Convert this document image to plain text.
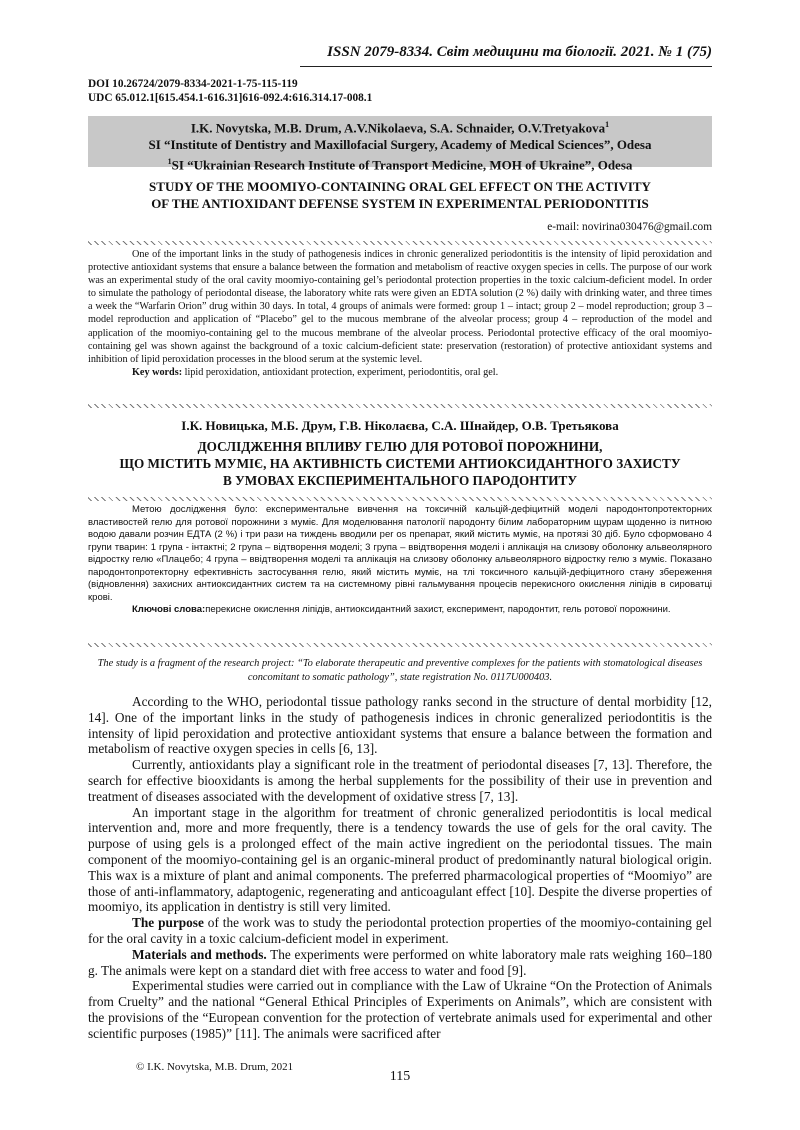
ISSN 2079-8334. Світ медицини та біології. 2021. № 1 (75)
DOI 10.26724/2079-8334-2021-1-75-115-119
UDC 65.012.1[615.454.1-616.31]616-092.4:616.314.17-008.1
I.K. Novytska, M.B. Drum, A.V.Nikolaeva, S.A. Schnaider, O.V.Tretyakova$^1$
SI “Institute of Dentistry and Maxillofacial Surgery, Academy of Medical Sciences”, Odesa
$^1$SI “Ukrainian Research Institute of Transport Medicine, MOH of Ukraine”, Odesa
STUDY OF THE MOOMIYO-CONTAINING ORAL GEL EFFECT ON THE ACTIVITY
OF THE ANTIOXIDANT DEFENSE SYSTEM IN EXPERIMENTAL PERIODONTITIS
e-mail: novirina030476@gmail.com

One of the important links in the study of pathogenesis indices in chronic generalized periodontitis is the intensity of lipid peroxidation and protective antioxidant systems that ensure a balance between the formation and metabolism of reactive oxygen species in cells. The purpose of our work was an experimental study of the oral cavity moomiyo-containing gel’s periodontal protection properties in the toxic calcium-deficient model. In order to simulate the pathology of periodontal disease, the laboratory white rats were given an EDTA solution (2 %) daily with drinking water, and three times a week the “Warfarin Orion” drug within 30 days. In total, 4 groups of animals were formed: group 1 – intact; group 2 – model reproduction; group 3 – model reproduction and application of “Placebo” gel to the mucous membrane of the alveolar process; group 4 – reproduction of the model and application of the moomiyo-containing gel to the mucous membrane of the alveolar process. Periodontal protective efficacy of the oral moomiyo-containing gel was shown against the background of a toxic calcium-deficient state: preservation (restoration) of protective antioxidant systems and inhibition of lipid peroxidation processes in the blood serum at the systemic level.

Key words: lipid peroxidation, antioxidant protection, experiment, periodontitis, oral gel.

І.К. Новицька, М.Б. Друм, Г.В. Ніколаєва, С.А. Шнайдер, О.В. Третьякова
ДОСЛІДЖЕННЯ ВПЛИВУ ГЕЛЮ ДЛЯ РОТОВОЇ ПОРОЖНИНИ,
ЩО МІСТИТЬ МУМІЄ, НА АКТИВНІСТЬ СИСТЕМИ АНТИОКСИДАНТНОГО ЗАХИСТУ
В УМОВАХ ЕКСПЕРИМЕНТАЛЬНОГО ПАРОДОНТИТУ

Метою дослідження було: експериментальне вивчення на токсичній кальцій-дефіцитній моделі пародонтопротекторних властивостей гелю для ротової порожнини з муміє. Для моделювання патології пародонту білим лабораторним щурам щоденно із питною водою давали розчин ЕДТА (2 %) і три рази на тиждень вводили per os препарат, який містить муміє, на протязі 30 діб. Було сформовано 4 групи тварин: 1 група - інтактні; 2 група – відтворення моделі; 3 група – ввідтворення моделі і аплікація на слизову оболонку альвеолярного відростку гелю «Плацебо; 4 група – ввідтворення моделі та аплікація на слизову оболонку альвеолярного відростку гелю з муміє. Показано пародонтопротекторну ефективність застосування гелю, який містить муміє, на тлі токсичного кальцій-дефіцитного стану збереження (відновлення) захисних антиоксидантних систем та на системному рівні гальмування процесів перекисного окислення ліпідів в сироватці крові.

Ключові слова:перекисне окислення ліпідів, антиоксидантний захист, експеримент, пародонтит, гель ротової порожнини.

The study is a fragment of the research project: “To elaborate therapeutic and preventive complexes for the patients with stomatological diseases concomitant to somatic pathology”, state registration No. 0117U000403.

According to the WHO, periodontal tissue pathology ranks second in the structure of dental morbidity [12, 14]. One of the important links in the study of pathogenesis indices in chronic generalized periodontitis is the intensity of lipid peroxidation and protective antioxidant systems that ensure a balance between the formation and metabolism of reactive oxygen species in cells [6, 13].

Currently, antioxidants play a significant role in the treatment of periodontal diseases [7, 13]. Therefore, the search for effective biooxidants is among the herbal supplements for the possibility of their use in prevention and treatment of diseases associated with the development of oxidative stress [7, 13].

An important stage in the algorithm for treatment of chronic generalized periodontitis is local medical intervention and, more and more frequently, there is a tendency towards the use of gels for the oral cavity. The purpose of using gels is a prolonged effect of the main active ingredient on the periodontal tissues. The main component of the moomiyo-containing gel is an organic-mineral product of predominantly natural biological origin. This wax is a mixture of plant and animal components. The preferred pharmacological properties of “Moomiyo” are those of anti-inflammatory, adaptogenic, regenerating and anticoagulant effect [10]. Despite the diverse properties of moomiyo, its application in dentistry is still very limited.

The purpose of the work was to study the periodontal protection properties of the moomiyo-containing gel for the oral cavity in a toxic calcium-deficient model in experiment.

Materials and methods. The experiments were performed on white laboratory male rats weighing 160–180 g. The animals were kept on a standard diet with free access to water and food [9].

Experimental studies were carried out in compliance with the Law of Ukraine “On the Protection of Animals from Cruelty” and the national “General Ethical Principles of Experiments on Animals”, which are consistent with the provisions of the “European convention for the protection of vertebrate animals used for experimental and other scientific purposes (1985)” [11]. The animals were sacrificed after

© I.K. Novytska, M.B. Drum, 2021
115
